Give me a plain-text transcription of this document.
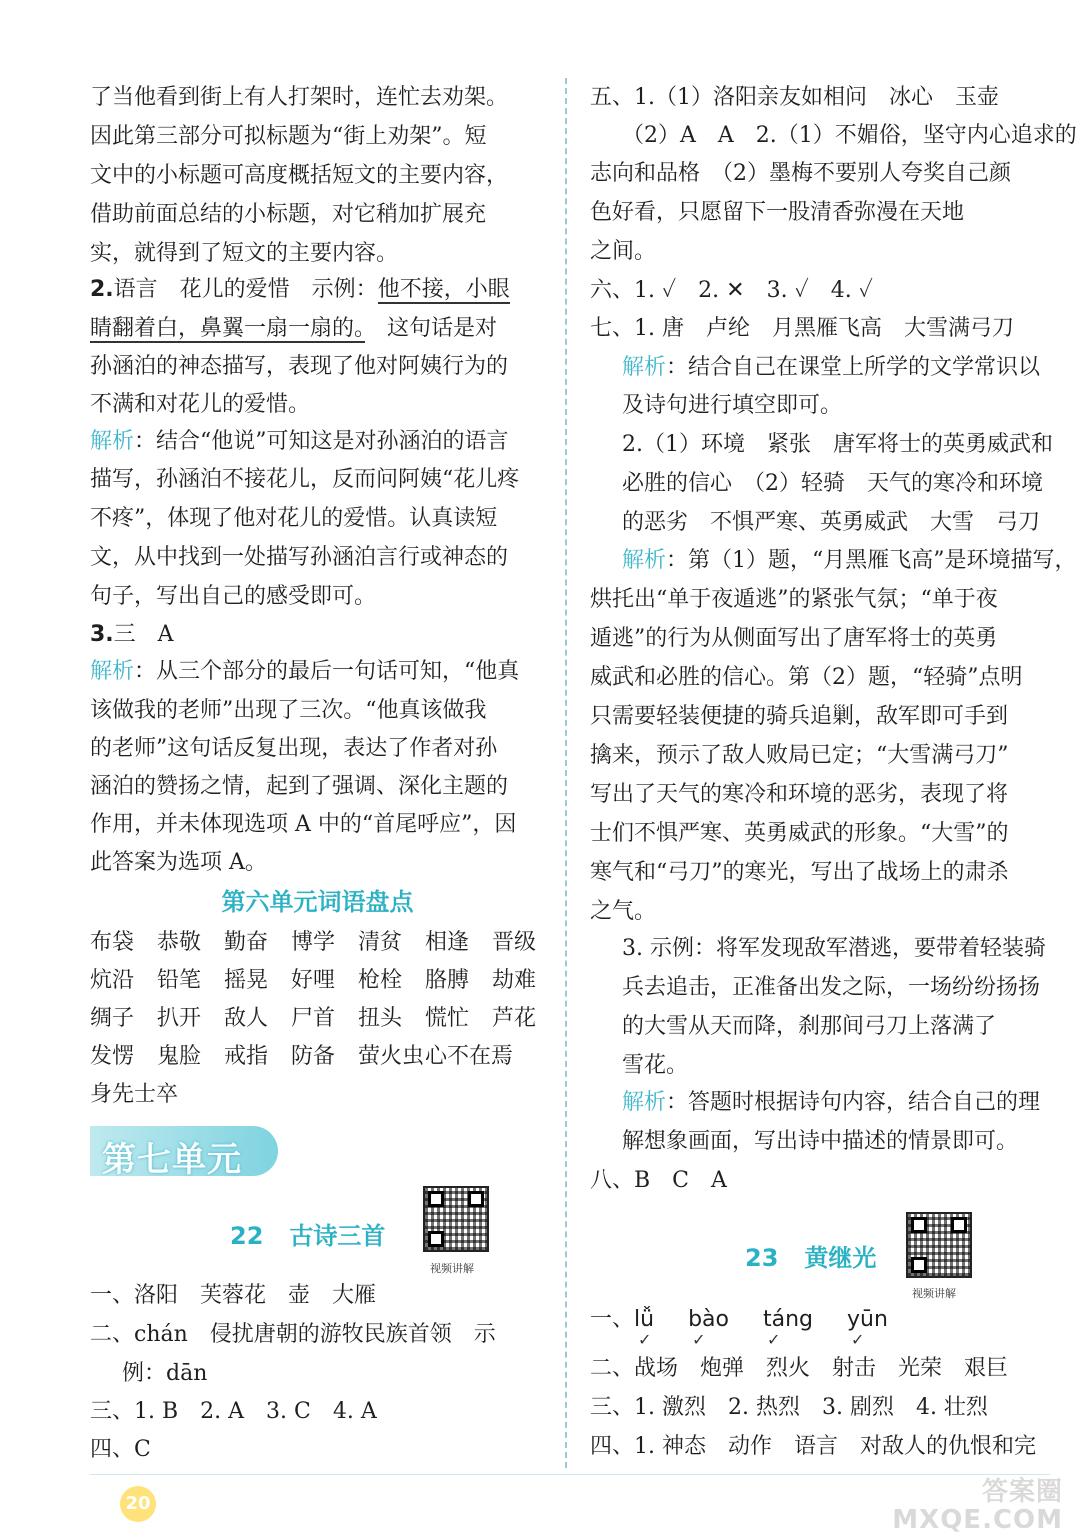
了当他看到街上有人打架时，连忙去劝架。
因此第三部分可拟标题为“街上劝架”。短
文中的小标题可高度概括短文的主要内容，
借助前面总结的小标题，对它稍加扩展充
实，就得到了短文的主要内容。
2.语言　花儿的爱惜　示例：他不接，小眼
睛翻着白，鼻翼一扇一扇的。　这句话是对
孙涵泊的神态描写，表现了他对阿姨行为的
不满和对花儿的爱惜。
解析：结合“他说”可知这是对孙涵泊的语言
描写，孙涵泊不接花儿，反而问阿姨“花儿疼
不疼”，体现了他对花儿的爱惜。认真读短
文，从中找到一处描写孙涵泊言行或神态的
句子，写出自己的感受即可。
3.三　A
解析：从三个部分的最后一句话可知，“他真
该做我的老师”出现了三次。“他真该做我
的老师”这句话反复出现，表达了作者对孙
涵泊的赞扬之情，起到了强调、深化主题的
作用，并未体现选项 A 中的“首尾呼应”，因
此答案为选项 A。
第六单元词语盘点
布袋 恭敬 勤奋 博学 清贫 相逢 晋级
炕沿 铅笔 摇晃 好哩 枪栓 胳膊 劫难
绸子 扒开 敌人 尸首 扭头 慌忙 芦花
发愣 鬼脸 戒指 防备 萤火虫心不在焉
身先士卒
第七单元
22 古诗三首
视频讲解
一、洛阳　芙蓉花　壶　大雁
二、chán　侵扰唐朝的游牧民族首领　示
例：dān
三、1. B　2. A　3. C　4. A
四、C
五、1.（1）洛阳亲友如相问　冰心　玉壶
（2）A　A　2.（1）不媚俗，坚守内心追求的
志向和品格　（2）墨梅不要别人夸奖自己颜
色好看，只愿留下一股清香弥漫在天地
之间。
六、1. ✓　2. ✕　3. ✓　4. ✓
七、1. 唐　卢纶　月黑雁飞高　大雪满弓刀
解析：结合自己在课堂上所学的文学常识以
及诗句进行填空即可。
2.（1）环境　紧张　唐军将士的英勇威武和
必胜的信心　（2）轻骑　天气的寒冷和环境
的恶劣　不惧严寒、英勇威武　大雪　弓刀
解析：第（1）题，“月黑雁飞高”是环境描写，
烘托出“单于夜遁逃”的紧张气氛；“单于夜
遁逃”的行为从侧面写出了唐军将士的英勇
威武和必胜的信心。第（2）题，“轻骑”点明
只需要轻装便捷的骑兵追剿，敌军即可手到
擒来，预示了敌人败局已定；“大雪满弓刀”
写出了天气的寒冷和环境的恶劣，表现了将
士们不惧严寒、英勇威武的形象。“大雪”的
寒气和“弓刀”的寒光，写出了战场上的肃杀
之气。
3. 示例：将军发现敌军潜逃，要带着轻装骑
兵去追击，正准备出发之际，一场纷纷扬扬
的大雪从天而降，刹那间弓刀上落满了
雪花。
解析：答题时根据诗句内容，结合自己的理
解想象画面，写出诗中描述的情景即可。
八、B　C　A
23 黄继光
视频讲解
一、lǚ ✓ bào ✓ táng ✓ yūn ✓
二、战场　炮弹　烈火　射击　光荣　艰巨
三、1. 激烈　2. 热烈　3. 剧烈　4. 壮烈
四、1. 神态　动作　语言　对敌人的仇恨和完
20	答案圈
MXQE.COM
